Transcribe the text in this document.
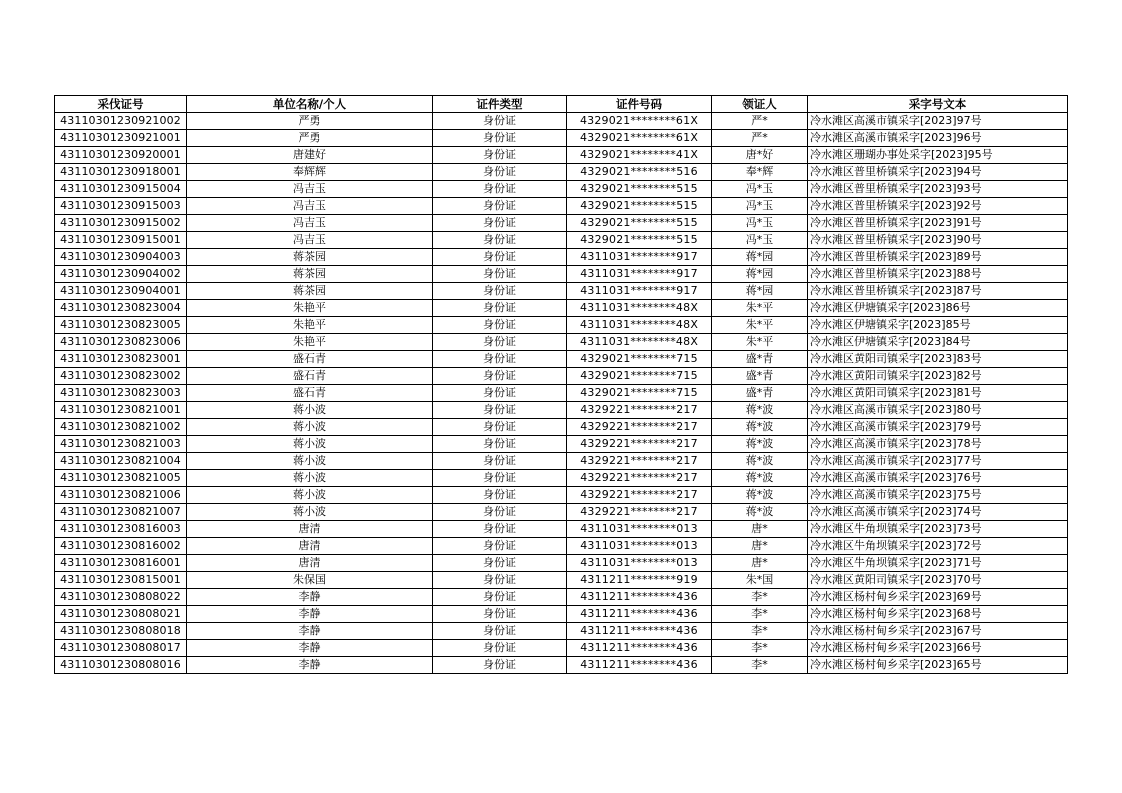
采伐证号	单位名称/个人	证件类型	证件号码	领证人	采字号文本
43110301230921002	严勇	身份证	4329021********61X	严*	冷水滩区高溪市镇采字[2023]97号
43110301230921001	严勇	身份证	4329021********61X	严*	冷水滩区高溪市镇采字[2023]96号
43110301230920001	唐建好	身份证	4329021********41X	唐*好	冷水滩区珊瑚办事处采字[2023]95号
43110301230918001	奉辉辉	身份证	4329021********516	奉*辉	冷水滩区普里桥镇采字[2023]94号
43110301230915004	冯吉玉	身份证	4329021********515	冯*玉	冷水滩区普里桥镇采字[2023]93号
43110301230915003	冯吉玉	身份证	4329021********515	冯*玉	冷水滩区普里桥镇采字[2023]92号
43110301230915002	冯吉玉	身份证	4329021********515	冯*玉	冷水滩区普里桥镇采字[2023]91号
43110301230915001	冯吉玉	身份证	4329021********515	冯*玉	冷水滩区普里桥镇采字[2023]90号
43110301230904003	蒋茶园	身份证	4311031********917	蒋*园	冷水滩区普里桥镇采字[2023]89号
43110301230904002	蒋茶园	身份证	4311031********917	蒋*园	冷水滩区普里桥镇采字[2023]88号
43110301230904001	蒋茶园	身份证	4311031********917	蒋*园	冷水滩区普里桥镇采字[2023]87号
43110301230823004	朱艳平	身份证	4311031********48X	朱*平	冷水滩区伊塘镇采字[2023]86号
43110301230823005	朱艳平	身份证	4311031********48X	朱*平	冷水滩区伊塘镇采字[2023]85号
43110301230823006	朱艳平	身份证	4311031********48X	朱*平	冷水滩区伊塘镇采字[2023]84号
43110301230823001	盛石青	身份证	4329021********715	盛*青	冷水滩区黄阳司镇采字[2023]83号
43110301230823002	盛石青	身份证	4329021********715	盛*青	冷水滩区黄阳司镇采字[2023]82号
43110301230823003	盛石青	身份证	4329021********715	盛*青	冷水滩区黄阳司镇采字[2023]81号
43110301230821001	蒋小波	身份证	4329221********217	蒋*波	冷水滩区高溪市镇采字[2023]80号
43110301230821002	蒋小波	身份证	4329221********217	蒋*波	冷水滩区高溪市镇采字[2023]79号
43110301230821003	蒋小波	身份证	4329221********217	蒋*波	冷水滩区高溪市镇采字[2023]78号
43110301230821004	蒋小波	身份证	4329221********217	蒋*波	冷水滩区高溪市镇采字[2023]77号
43110301230821005	蒋小波	身份证	4329221********217	蒋*波	冷水滩区高溪市镇采字[2023]76号
43110301230821006	蒋小波	身份证	4329221********217	蒋*波	冷水滩区高溪市镇采字[2023]75号
43110301230821007	蒋小波	身份证	4329221********217	蒋*波	冷水滩区高溪市镇采字[2023]74号
43110301230816003	唐清	身份证	4311031********013	唐*	冷水滩区牛角坝镇采字[2023]73号
43110301230816002	唐清	身份证	4311031********013	唐*	冷水滩区牛角坝镇采字[2023]72号
43110301230816001	唐清	身份证	4311031********013	唐*	冷水滩区牛角坝镇采字[2023]71号
43110301230815001	朱保国	身份证	4311211********919	朱*国	冷水滩区黄阳司镇采字[2023]70号
43110301230808022	李静	身份证	4311211********436	李*	冷水滩区杨村甸乡采字[2023]69号
43110301230808021	李静	身份证	4311211********436	李*	冷水滩区杨村甸乡采字[2023]68号
43110301230808018	李静	身份证	4311211********436	李*	冷水滩区杨村甸乡采字[2023]67号
43110301230808017	李静	身份证	4311211********436	李*	冷水滩区杨村甸乡采字[2023]66号
43110301230808016	李静	身份证	4311211********436	李*	冷水滩区杨村甸乡采字[2023]65号
